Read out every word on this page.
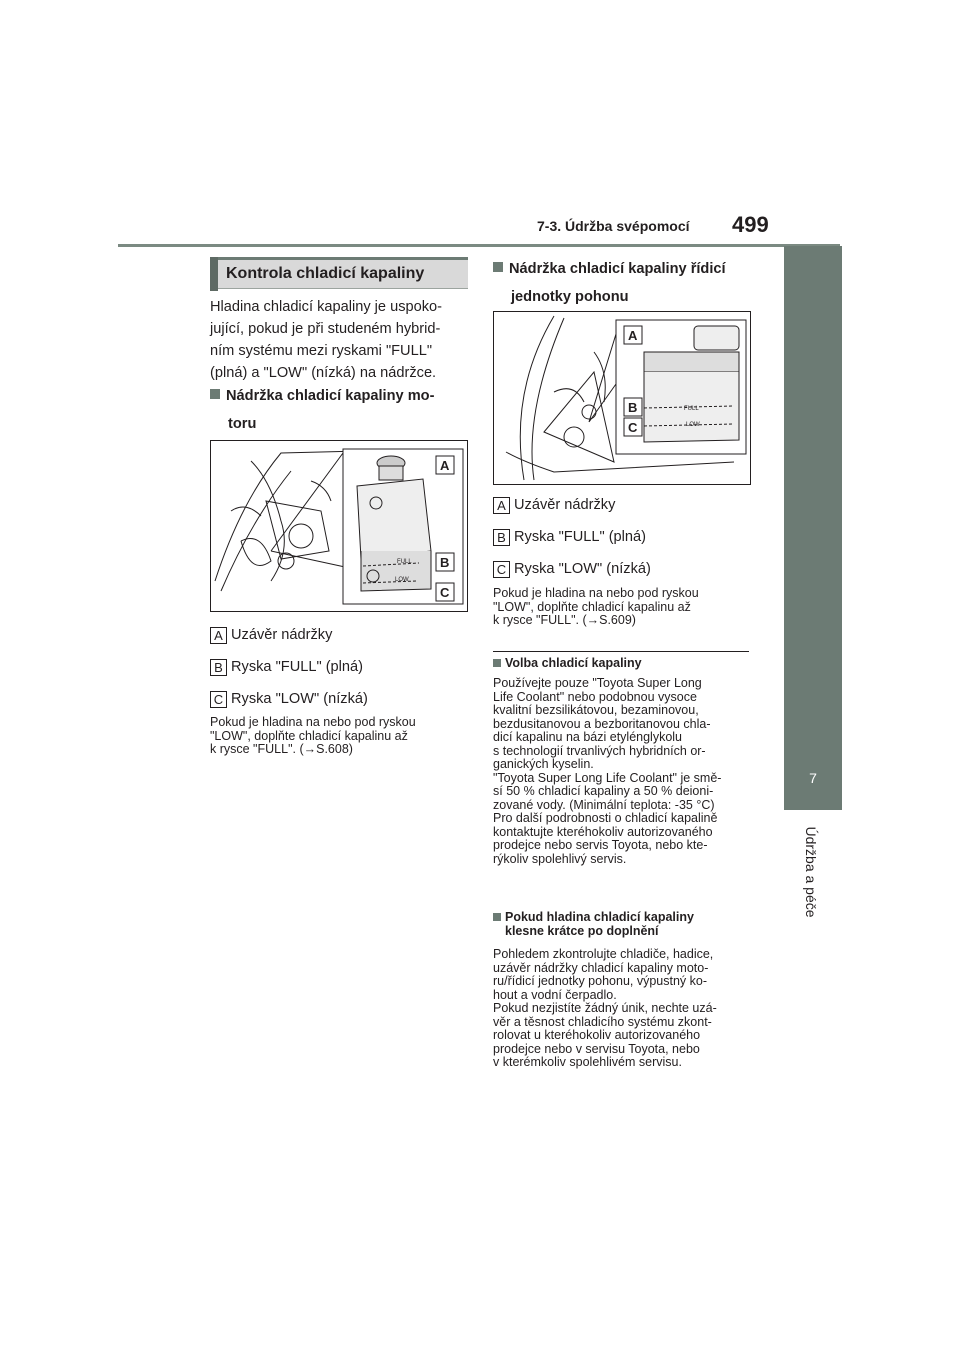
7-3. Údržba svépomocí 499
7
Údržba a péče
Kontrola chladicí kapaliny
Hladina chladicí kapaliny je uspoko-
jující, pokud je při studeném hybrid-
ním systému mezi ryskami "FULL"
(plná) a "LOW" (nízká) na nádržce.
Nádržka chladicí kapaliny mo-
toru
FULL
LOW
A
B
C
A Uzávěr nádržky
B Ryska "FULL" (plná)
C Ryska "LOW" (nízká)
Pokud je hladina na nebo pod ryskou
"LOW", doplňte chladicí kapalinu až
k rysce "FULL". (→S.608)
Nádržka chladicí kapaliny řídicí
jednotky pohonu
FULL
LOW
A
B
C
A Uzávěr nádržky
B Ryska "FULL" (plná)
C Ryska "LOW" (nízká)
Pokud je hladina na nebo pod ryskou
"LOW", doplňte chladicí kapalinu až
k rysce "FULL". (→S.609)
Volba chladicí kapaliny
Používejte pouze "Toyota Super Long
Life Coolant" nebo podobnou vysoce
kvalitní bezsilikátovou, bezaminovou,
bezdusitanovou a bezboritanovou chla-
dicí kapalinu na bázi etylénglykolu
s technologií trvanlivých hybridních or-
ganických kyselin.
"Toyota Super Long Life Coolant" je smě-
sí 50 % chladicí kapaliny a 50 % deioni-
zované vody. (Minimální teplota: -35 °C)
Pro další podrobnosti o chladicí kapalině
kontaktujte kteréhokoliv autorizovaného
prodejce nebo servis Toyota, nebo kte-
rýkoliv spolehlivý servis.
Pokud hladina chladicí kapaliny
klesne krátce po doplnění
Pohledem zkontrolujte chladiče, hadice,
uzávěr nádržky chladicí kapaliny moto-
ru/řídicí jednotky pohonu, výpustný ko-
hout a vodní čerpadlo.
Pokud nezjistíte žádný únik, nechte uzá-
věr a těsnost chladicího systému zkont-
rolovat u kteréhokoliv autorizovaného
prodejce nebo v servisu Toyota, nebo
v kterémkoliv spolehlivém servisu.
